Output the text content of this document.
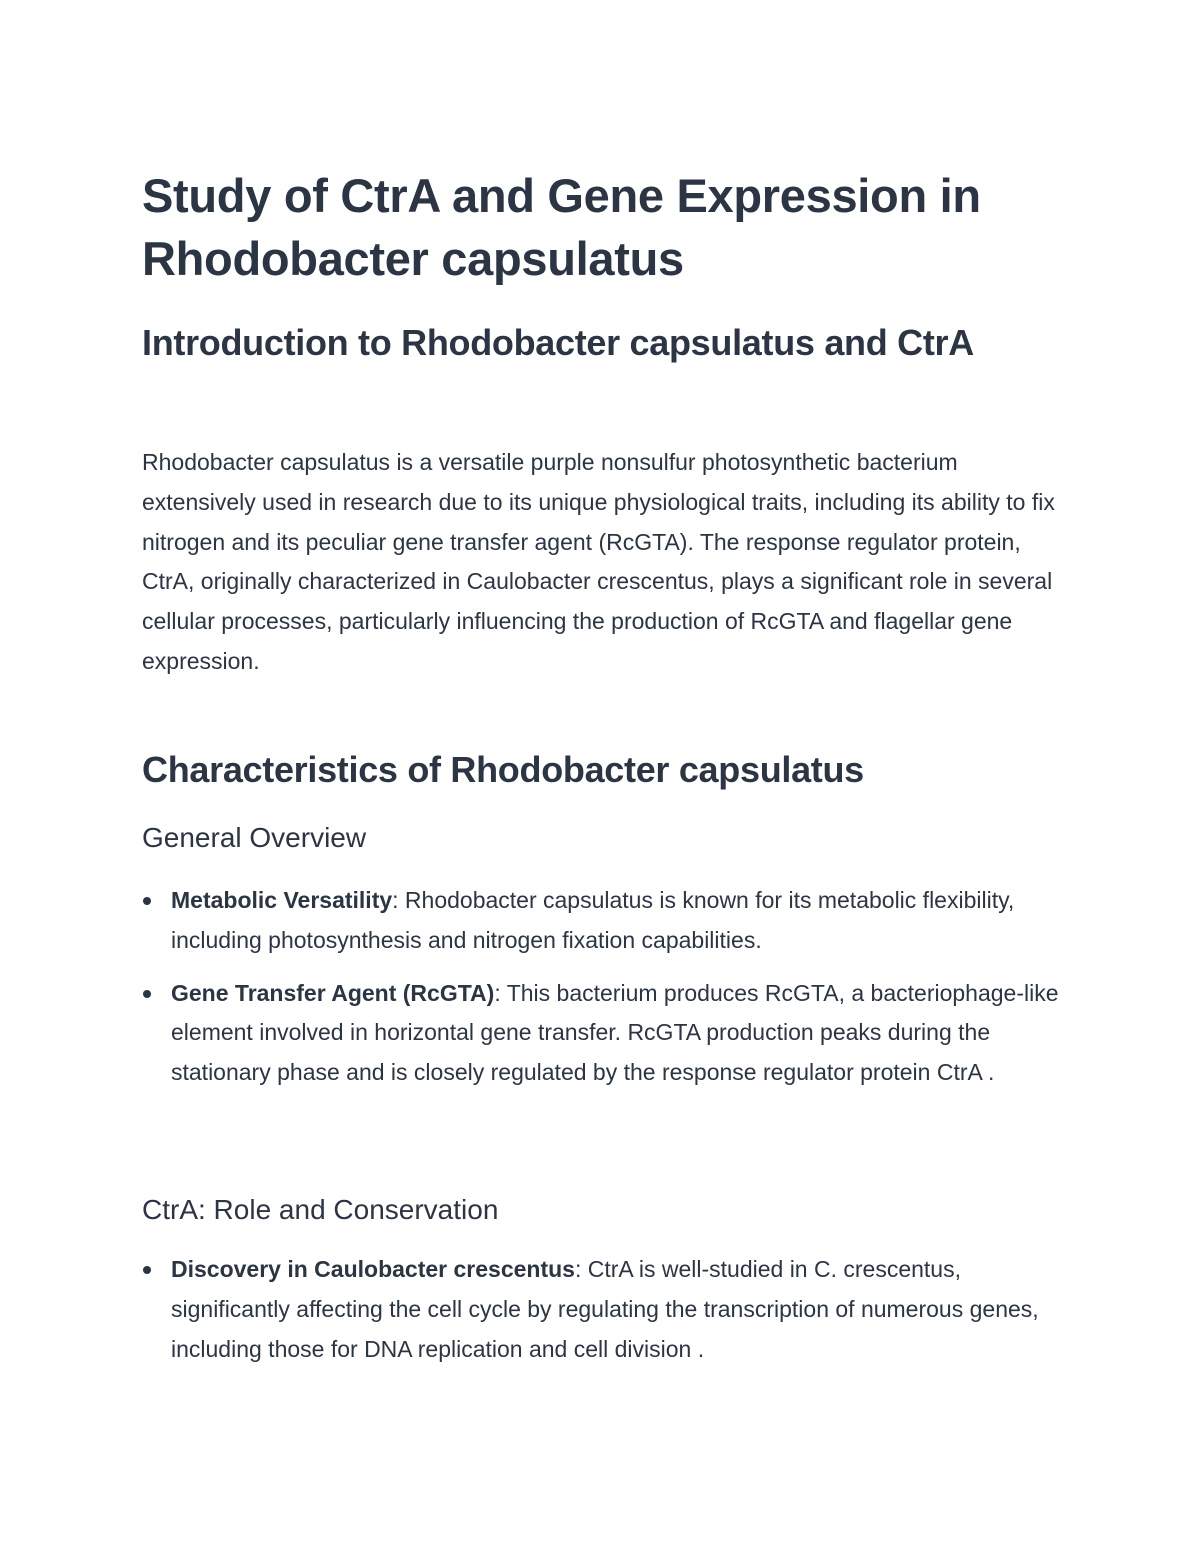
Study of CtrA and Gene Expression in Rhodobacter capsulatus
Introduction to Rhodobacter capsulatus and CtrA

Rhodobacter capsulatus is a versatile purple nonsulfur photosynthetic bacterium extensively used in research due to its unique physiological traits, including its ability to fix nitrogen and its peculiar gene transfer agent (RcGTA). The response regulator protein, CtrA, originally characterized in Caulobacter crescentus, plays a significant role in several cellular processes, particularly influencing the production of RcGTA and flagellar gene expression.

Characteristics of Rhodobacter capsulatus
General Overview
Metabolic Versatility: Rhodobacter capsulatus is known for its metabolic flexibility, including photosynthesis and nitrogen fixation capabilities.
Gene Transfer Agent (RcGTA): This bacterium produces RcGTA, a bacteriophage-like element involved in horizontal gene transfer. RcGTA production peaks during the stationary phase and is closely regulated by the response regulator protein CtrA .
CtrA: Role and Conservation
Discovery in Caulobacter crescentus: CtrA is well-studied in C. crescentus, significantly affecting the cell cycle by regulating the transcription of numerous genes, including those for DNA replication and cell division .
